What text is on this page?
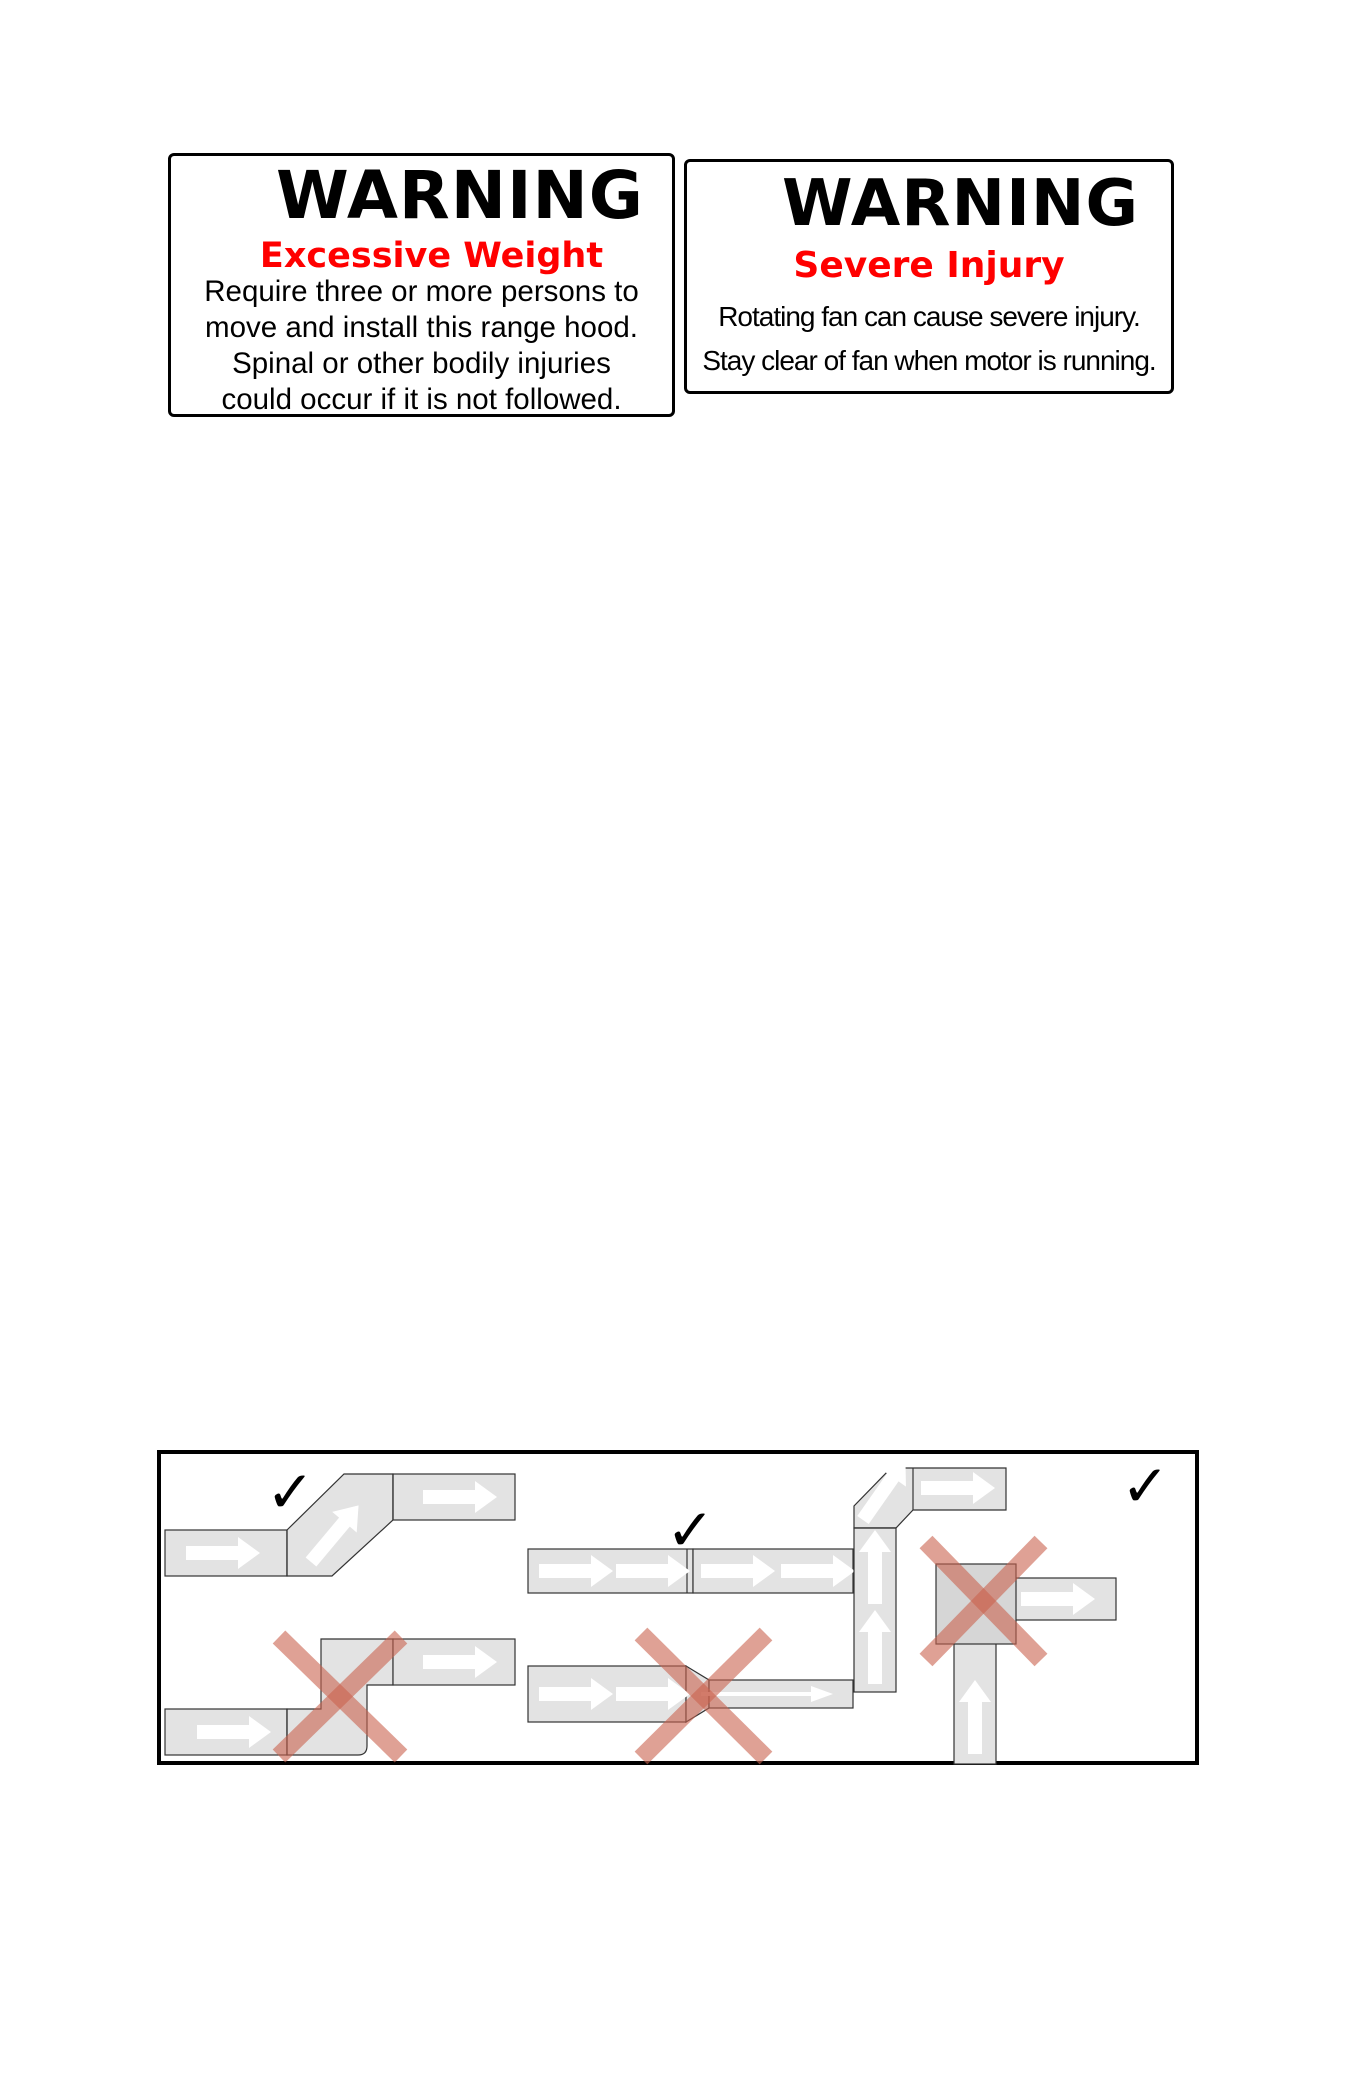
WARNING
Excessive Weight
Require three or more persons to
move and install this range hood.
Spinal or other bodily injuries
could occur if it is not followed.
WARNING
Severe Injury
Rotating fan can cause severe injury.
Stay clear of fan when motor is running.
✓
✓
✓
